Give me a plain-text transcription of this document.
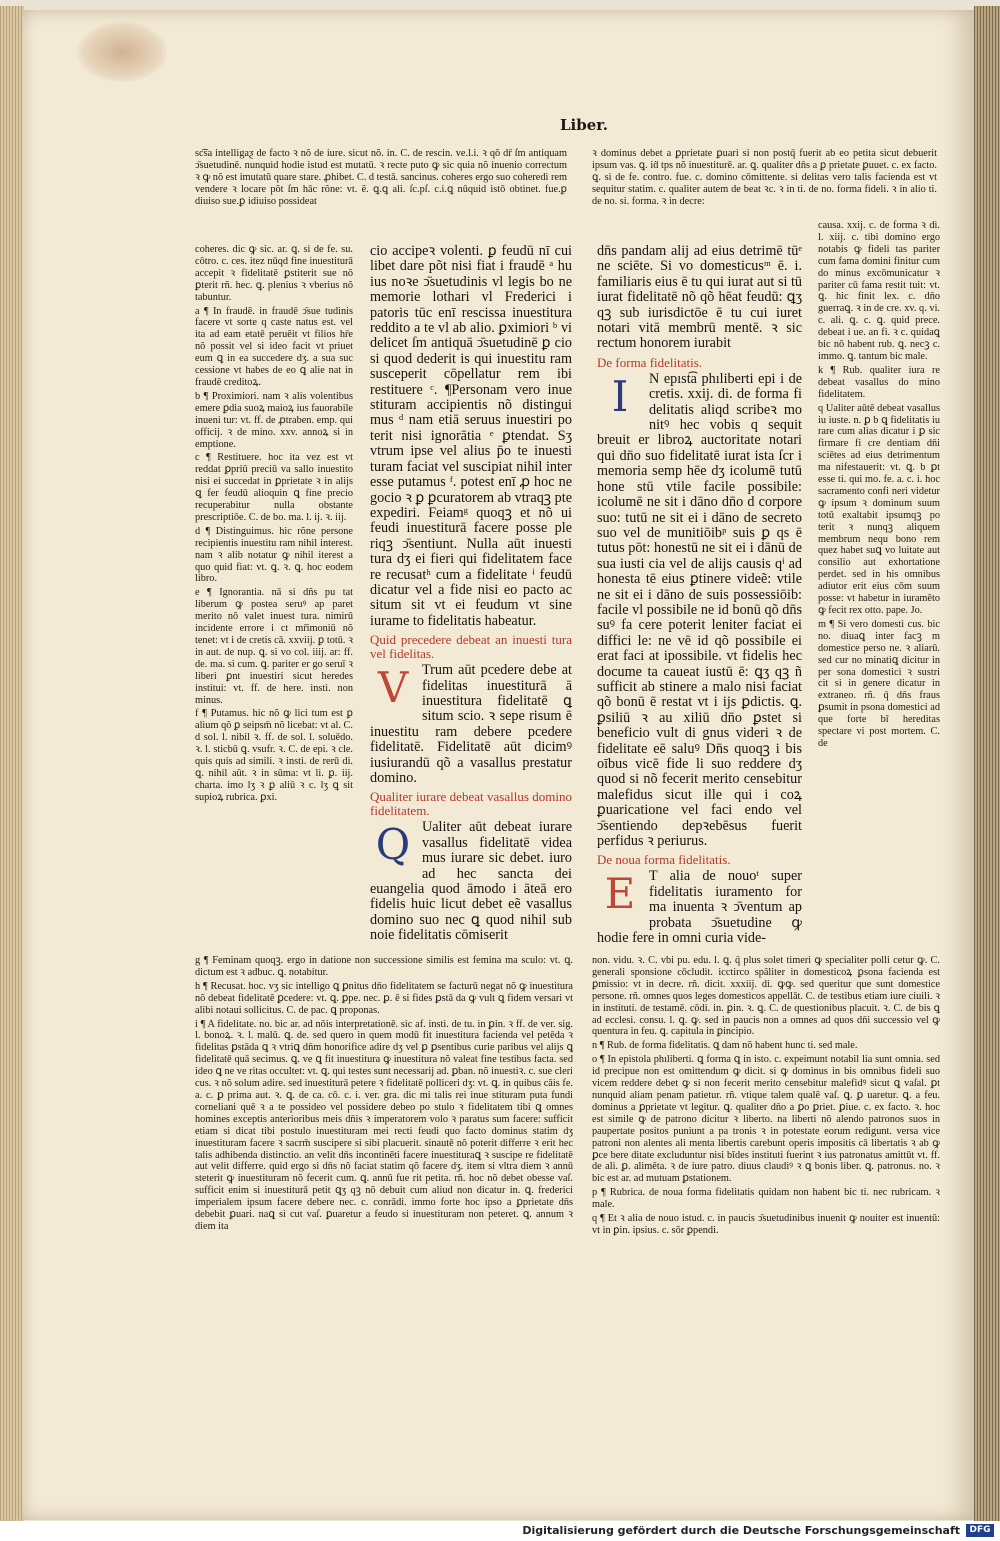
Liber.

sc͡sa intelligaƺ de facto ꝛ nõ de iure. sicut nõ. in. C. de rescin. ve.l.i. ꝛ qõ dr̄ ſm antiquam ↄ̄suetudinē. nunquid hodie istud est mutatū. ꝛ recte puto ꝙ sic quia nõ inuenio correctum ꝛ ꝙ nõ est imutatū quare stare. ꝓhibet. C. d testā. sancinus. coheres ergo suo coheredi rem vendere ꝛ locare põt ſm hāc rõne: vt. ẽ. ꝗ.ꝗ ali. ſc.pſ. c.i.ꝗ nūquid istō obtinet. fue.ꝑ diuiso sue.ꝑ idiuiso possideat

coheres. dic ꝙ sic. ar. ꝗ. si de fe. su. cōtro. c. ces. itez nūqd fine inuestiturā accepit ꝛ fidelitatē ꝑstiterit sue nõ ꝑterit rñ. hec. ꝗ. plenius ꝛ vberius nõ tabuntur.

a ¶ In fraudē. in fraudē ↄ̄sue tudinis facere vt sorte q caste natus est. vel ita ad eam etatē peruēit vt filios hr̄e nõ possit vel si ideo facit vt priuet eum ꝗ in ea succedere dʒ. a sua suc cessione vt habes de eo ꝗ alie nat in fraudē creditoꝝ.

b ¶ Proximiori. nam ꝛ alis volentibus emere ꝑdia suoꝝ maioꝝ ius fauorabile inueni tur: vt. ff. de ꝓtraben. emp. qui officij. ꝛ de mino. xxv. annoꝝ si in emptione.

c ¶ Restituere. hoc ita vez est vt reddat ꝑpriū preciū va sallo inuestito nisi ei succedat in ꝑprietate ꝛ in alijs ꝗ fer feudū alioquin ꝗ fine precio recuperabitur nulla obstante prescriptiōe. C. de bo. ma. l. ij. ꝛ. iij.

d ¶ Distinguimus. hic rõne persone recipientis inuestitu ram nihil interest. nam ꝛ alib notatur ꝙ nihil iterest a quo quid fiat: vt. ꝗ. ꝛ. ꝗ. hoc eodem libro.

e ¶ Ignorantia. nā si dñs pu tat liberum ꝙ postea seruꝰ ap paret merito nõ valet inuest tura. nimirū incidente errore i ct mr̄imoniū nõ tenet: vt i de cretis cā. xxviij. ꝑ totū. ꝛ in aut. de nup. ꝗ. si vo col. iiij. ar: ff. de. ma. si cum. ꝗ. pariter er go seruī ꝛ liberi ꝑnt inuestiri sicut heredes institui: vt. ff. de here. insti. non minus.

f ¶ Putamus. hic nõ ꝙ lici tum est ꝑ alium qõ ꝑ seipsm̄ nõ licebat: vt al. C. d sol. l. nibil ꝛ. ff. de sol. l. soluēdo. ꝛ. l. sticbū ꝗ. vsufr. ꝛ. C. de epi. ꝛ cle. quis quis ad simili. ꝛ insti. de rerū di. ꝗ. nihil aūt. ꝛ in sūma: vt li. ꝑ. iij. charta. imo lʒ ꝛ ꝑ aliū ꝛ c. lʒ ꝗ sit supioꝝ rubrica. ꝑxi.

cio accipeꝛ volenti. ꝑ feudū nī cui libet dare põt nisi fiat i fraudē ᵃ hu ius noꝛe ↄ̄suetudinis vl legis bo ne memorie lothari vl Frederici i patoris tūc enī rescissa inuestitura reddito a te vl ab alio. ꝑximiori ᵇ vi delicet ſm antiquā ↄ̄suetudinē ꝑ cio si quod dederit is qui inuestitu ram susceperit cōpellatur rem ibi restituere ᶜ. ¶Personam vero inue stituram accipientis nõ distingui mus ᵈ nam etiā seruus inuestiri po terit nisi ignorātia ᵉ ꝑtendat. Sʒ vtrum ipse vel alius p̄o te inuesti turam faciat vel suscipiat nihil inter esse putamus ᶠ. potest enī ꝓ hoc ne gocio ꝛ ꝑ ꝑcuratorem ab vtraqꝫ pte expediri. Feiamᵍ quoqꝫ et nõ ui feudi inuestiturā facere posse ple riqꝫ ↄ̄sentiunt. Nulla aūt inuesti tura dʒ ei fieri qui fidelitatem face re recusatʰ cum a fidelitate ⁱ feudū dicatur vel a fide nisi eo pacto ac situm sit vt ei feudum vt sine iurame to fidelitatis habeatur.

Quid precedere debeat an inuesti tura vel fidelitas.

V Trum aūt pcedere debe at fidelitas inuestiturā ā inuestitura fidelitatē ꝗ situm scio. ꝛ sepe risum ē inuestitu ram debere pcedere fidelitatē. Fidelitatē aūt dicimꝰ iusiurandū qõ a vasallus prestatur domino.

Qualiter iurare debeat vasallus domino fidelitatem.

Q Ualiter aūt debeat iurare vasallus fidelitatē videa mus iurare sic debet. iuro ad hec sancta dei euangelia quod āmodo i āteā ero fidelis huic licut debet eẽ vasallus domino suo nec ꝗ quod nihil sub noie fidelitatis cōmiserit

ꝛ dominus debet a ꝑprietate ꝑuari si non postq̄ fuerit ab eo petita sicut debuerit ipsum vas. ꝗ. iḋ tps nõ inuestiturē. ar. ꝗ. qualiter dn̄s a ꝑ prietate ꝑuuet. c. ex facto. ꝗ. si de fe. contro. fue. c. domino cōmittente. si delitas vero talis facienda est vt sequitur statim. c. qualiter autem de beat ꝛc. ꝛ in ti. de no. forma fideli. ꝛ in alio ti. de no. si. forma. ꝛ in decre:

dn̄s pandam alij ad eius detrimē tūᵉ ne sciēte. Si vo domesticusᵐ ē. i. familiaris eius ē tu qui iurat aut si tū iurat fidelitatē nõ qõ hēat feudū: ꝗʒ qꝫ sub iurisdictōe ē tu cui iuret notari vitā membrū mentē. ꝛ sic rectum honorem iurabit

De forma fidelitatis.

I	N epıst͡a phıliberti epi i de cretis. xxij. di. de forma fi delitatis aliqd scribeꝛ mo nitꝰ hec vobis q sequit breuit er libroꝝ auctoritate notari qui dn̄o suo fidelitatē iurat ista ſcr i memoria semp hēe dʒ icolumē tutū hone stū vtile facile possibile: icolumē ne sit i dāno dn̄o d corpore suo: tutū ne sit ei i dāno de secreto suo vel de munitiōibᵖ suis ꝑ qs ē tutus pōt: honestū ne sit ei i dānū de sua iusti cia vel de alijs causis qⁱ ad honesta tē eius ꝑtinere videẽ: vtile ne sit ei i dāno de suis possessiōib: facile vl possibile ne id bonū qõ dn̄s suꝰ fa cere poterit leniter faciat ei diffici le: ne vē id qõ possibile ei erat faci at ipossibile. vt fidelis hec docume ta caueat iustū ē: ꝗʒ qꝫ ñ sufficit ab stinere a malo nisi faciat qõ bonū ē restat vt i ijs ꝑdictis. ꝗ. ꝑsiliū ꝛ au xiliū dn̄o ꝑstet si beneficio vult di gnus videri ꝛ de fidelitate eē saluꝰ Dn̄s quoqꝫ i bis oībus vicē fide li suo reddere dʒ quod si nõ fecerit merito censebitur malefidus sicut ille qui i coꝝ ꝑuaricatione vel faci endo vel ↄ̄sentiendo depꝛebēsus fuerit perfidus ꝛ periurus.

De noua forma fidelitatis.

E T alia de nouoᵗ super fidelitatis iuramento for ma inuenta ꝛ ↄ̄ventum ap probata ↄ̄suetudine ꝙ hodie fere in omni curia vide-

causa. xxij. c. de forma ꝛ di. l. xiij. c. tibi domino ergo notabis ꝙ fideli tas pariter cum fama domini finitur cum do minus excōmunicatur ꝛ pariter cū fama restit tuit: vt. ꝗ. hic finit lex. c. dn̄o guerraꝗ. ꝛ in de cre. xv. q. vi. c. ali. ꝗ. c. ꝗ. quid prece. debeat i ue. an fi. ꝛ c. quidaꝗ bic nõ habent rub. ꝗ. necꝫ c. immo. ꝗ. tantum bic male.

k ¶ Rub. qualiter iura re debeat vasallus do mino fidelitatem.

q Ualiter aūtē debeat vasallus iu iuste. n. ꝑ b ꝗ fidelitatis iu rare cum alias dicatur i ꝑ sic firmare fi cre dentiam dn̄i sciētes ad eius detrimentum ma nifestauerit: vt. ꝗ. b ꝑt esse ti. qui mo. fe. a. c. i. hoc sacramento confi neri videtur ꝙ ipsum ꝛ dominum suum totū exaltabit ipsumqꝫ po terit ꝛ nunqꝫ aliquem membrum nequ bono rem quez habet suꝗ vo luitate aut consilio aut exhortatione perdet. sed in his omnibus adiutor erit eius cōm suum posse: vt habetur in iuramēto ꝙ fecit rex otto. pape. Jo.

m ¶ Si vero domesti cus. bic no. diuaꝗ inter facꝫ m domestice perso ne. ꝛ aliarū. sed cur no minatiꝗ dicitur in per sona domestici ꝛ sustri cit si in genere dicatur in extraneo. rñ. q̄ dn̄s fraus ꝑsumit in psona domestici ad que forte bī hereditas spectare vi post mortem. C. de

g ¶ Feminam quoqꝫ. ergo in datione non successione similis est femina ma sculo: vt. ꝗ. dictum est ꝛ adbuc. ꝗ. notabitur.

h ¶ Recusat. hoc. vʒ sic intelligo ꝗ ꝑnitus dn̄o fidelitatem se facturū negat nõ ꝙ inuestitura nõ debeat fidelitatē ꝑcedere: vt. ꝗ. ꝑpe. nec. ꝑ. ē si fides ꝑstā da ꝙ vult ꝗ fidem versari vt alibi notaui sollicitus. C. de pac. ꝗ proponas.

i ¶ A fidelitate. no. bic ar. ad nōis interpretationē. sic af. insti. de tu. in ꝑin. ꝛ ff. de ver. sig. l. bonoꝝ. ꝛ. l. malū. ꝗ. de. sed quero in quem modū fit inuestitura facienda vel petēda ꝛ fidelitas ꝑstāda ꝗ ꝛ vtriꝗ dn̄m honorifice adire dʒ vel ꝑ ꝑsentibus curie paribus vel alijs ꝗ fidelitatē quā secimus. ꝗ. ve ꝗ fit inuestitura ꝙ inuestitura nõ valeat fine testibus facta. sed ideo ꝗ ne ve ritas occultet: vt. ꝗ. qui testes sunt necessarij ad. ꝑban. nõ inuestiꝛ. c. sue cleri cus. ꝛ nõ solum adire. sed inuestiturā petere ꝛ fidelitatē polliceri dʒ: vt. ꝗ. in quibus cāis fe. a. c. ꝑ prima aut. ꝛ. ꝗ. de ca. cō. c. i. ver. gra. dic mi talis rei inue stituram puta fundi corneliani quē ꝛ a te possideo vel possidere debeo po stulo ꝛ fidelitatem tibi ꝗ omnes homines exceptis anterioribus meis dn̄is ꝛ imperatorem volo ꝛ paratus sum facere: sufficit etiam si dicat tibi postulo inuestituram mei recti feudi quo facto dominus statim dʒ inuestituram facere ꝛ sacrm̄ suscipere si sibi placuerit. sinautē nõ poterit differre ꝛ erit hec talis adhibenda distinctio. an velit dn̄s incontinēti facere inuestituraꝗ ꝛ suscipe re fidelitatē aut velit differre. quid ergo si dn̄s nõ faciat statim qõ facere dʒ. item si vltra diem ꝛ annū steterit ꝙ inuestituram nõ fecerit cum. ꝗ. annū fue rit petita. rñ. hoc nõ debet obesse vaſ. sufficit enim si inuestiturā petit ꝗʒ qꝫ nõ debuit cum aliud non dicatur in. ꝗ. frederici imperialem ipsum facere debere nec. c. conrādi. immo forte hoc ipso a ꝑprietate dn̄s debebit ꝑuari. naꝗ si cut vaſ. ꝑuaretur a feudo si inuestituram non peteret. ꝗ. annum ꝛ diem ita

non. vidu. ꝛ. C. vbi pu. edu. l. ꝗ. q̄ plus solet timeri ꝙ specialiter polli cetur ꝙ. C. generali sponsione cōcludit. icctirco spāliter in domesticoꝝ ꝑsona facienda est ꝑmissio: vt in decre. rñ. dicit. xxxiij. di. ꝙꝙ. sed queritur que sunt domestice persone. rñ. omnes quos leges domesticos appellāt. C. de testibus etiam iure ciuili. ꝛ in instituti. de testamē. cōdi. in. ꝑin. ꝛ. ꝗ. C. de questionibus placuit. ꝛ. C. de bis ꝗ ad ecclesi. consu. l. ꝗ. ꝙ. sed in paucis non a omnes ad quos dn̄i successio vel ꝙ quentura in feu. ꝗ. capitula in ꝑincipio.

n ¶ Rub. de forma fidelitatis. ꝗ dam nõ habent hunc ti. sed male.

o ¶ In epistola phıliberti. ꝗ forma ꝗ in isto. c. expeimunt notabil lia sunt omnia. sed id precipue non est omittendum ꝙ dicit. si ꝙ dominus in bis omnibus fideli suo vicem reddere debet ꝙ si non fecerit merito censebitur malefidꝰ sicut ꝗ vaſal. ꝑt nunquid aliam penam patietur. rñ. vtique talem qualē vaſ. ꝗ. ꝑ uaretur. ꝗ. a feu. dominus a ꝑprietate vt legitur. ꝗ. qualiter dn̄o a ꝑo ꝑriet. ꝑiue. c. ex facto. ꝛ. hoc est simile ꝙ de patrono dicitur ꝛ liberto. na liberti nõ alendo patronos suos in paupertate positos puniunt a pa tronis ꝛ in potestate eorum redigunt. versa vice patroni non alentes ali menta libertis carebunt operis impositis cā libertatis ꝛ ab ꝙ ꝑce bere ditate excluduntur nisi bīdes instituti fuerint ꝛ ius patronatus amittūt vt. ff. de ali. ꝑ. alimēta. ꝛ de iure patro. diuus claudiꝰ ꝛ ꝗ bonis liber. ꝗ. patronus. no. ꝛ bic est ar. ad mutuam ꝑstationem.

p ¶ Rubrica. de noua forma fidelitatis quidam non habent bic ti. nec rubricam. ꝛ male.

q ¶ Et ꝛ alia de nouo istud. c. in paucis ↄ̄suetudinibus inuenit ꝙ nouiter est inuentū: vt in ꝑin. ipsius. c. sõr ꝑpendi.

Digitalisierung gefördert durch die Deutsche Forschungsgemeinschaft	DFG
